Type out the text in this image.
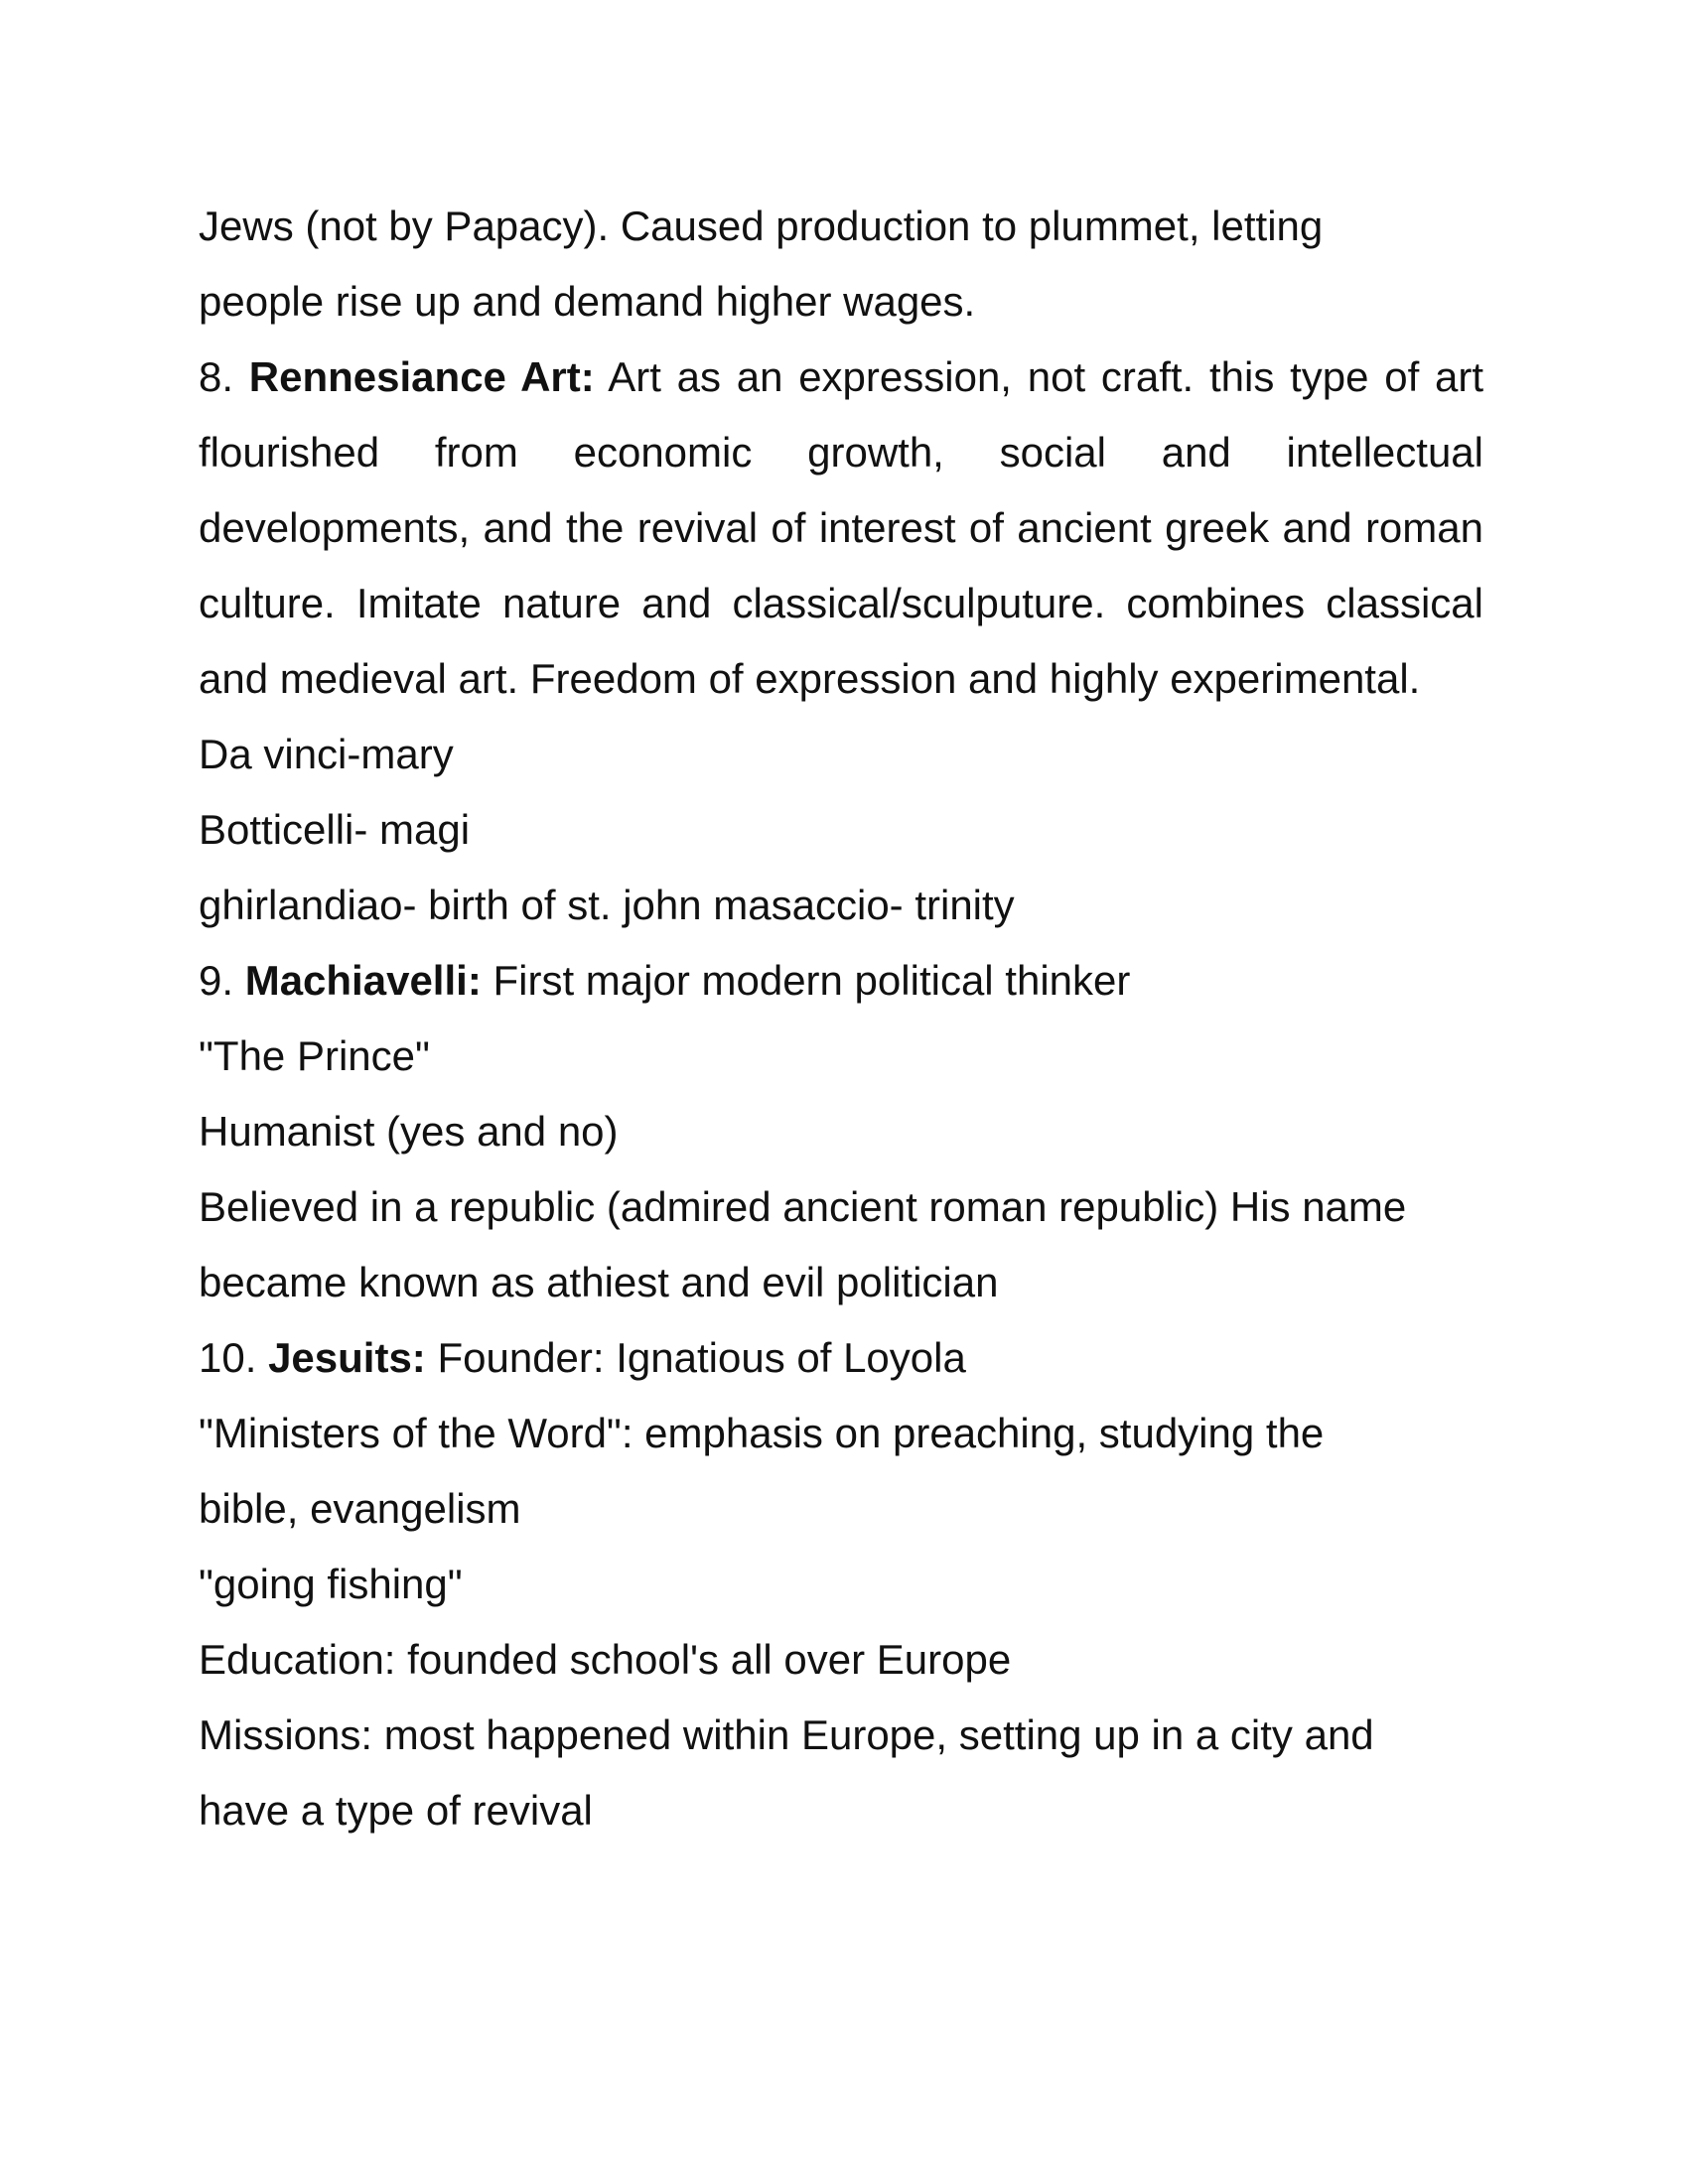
Jews (not by Papacy). Caused production to plummet, letting
people rise up and demand higher wages.
8. Rennesiance Art: Art as an expression, not craft. this type of art flourished from economic growth, social and intellectual developments, and the revival of interest of ancient greek and roman culture. Imitate nature and classical/sculputure. combines classical and medieval art. Freedom of expression and highly experimental.
Da vinci-mary
Botticelli- magi
ghirlandiao- birth of st. john masaccio- trinity
9. Machiavelli: First major modern political thinker
"The Prince"
Humanist (yes and no)
Believed in a republic (admired ancient roman republic) His name
became known as athiest and evil politician
10. Jesuits: Founder: Ignatious of Loyola
"Ministers of the Word": emphasis on preaching, studying the
bible, evangelism
"going fishing"
Education: founded school's all over Europe
Missions: most happened within Europe, setting up in a city and
have a type of revival
